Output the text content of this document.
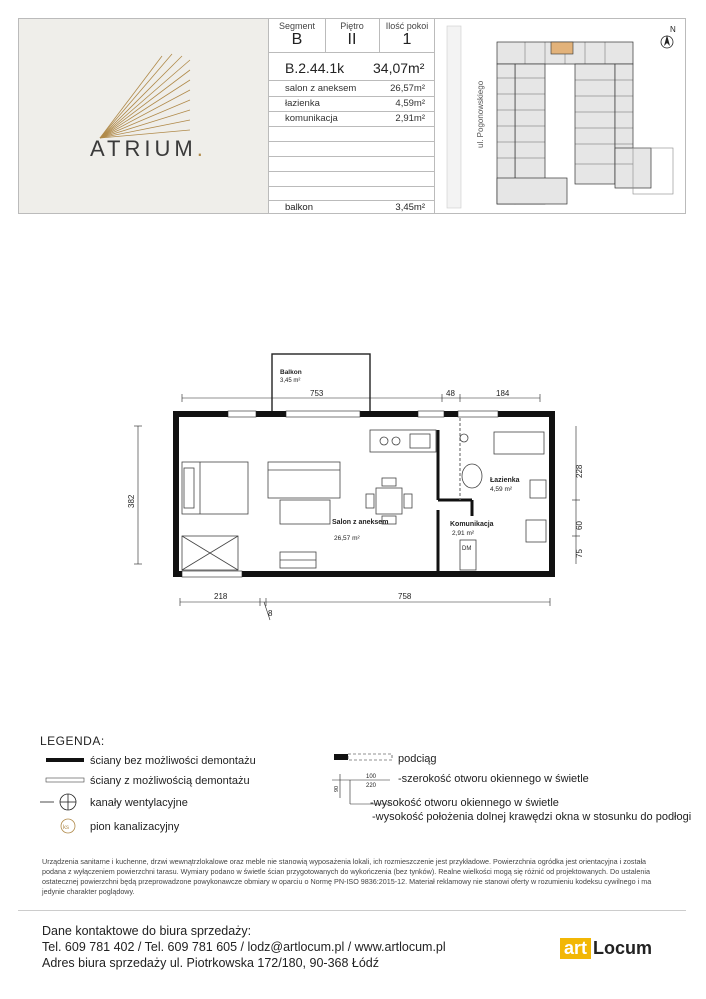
ATRIUM.
Segment
B
Piętro
II
Ilość pokoi
1
B.2.44.1k 34,07m²
salon z aneksem	26,57m²
łazienka	4,59m²
komunikacja	2,91m²
balkon	3,45m²
ul. Pogonowskiego
N
Balkon
3,45 m²
753	48	184
Łazienka
4,59 m²
Salon z aneksem
26,57 m²
Komunikacja
2,91 m²
DM
382
228
60
75
218	758
8
LEGENDA:
ks
ściany bez możliwości demontażu
ściany z możliwością demontażu
kanały wentylacyjne
pion kanalizacyjny
100
220
90
podciąg
-szerokość otworu okiennego w świetle
-wysokość otworu okiennego w świetle
-wysokość położenia dolnej krawędzi okna w stosunku do podłogi
Urządzenia sanitarne i kuchenne, drzwi wewnątrzlokalowe oraz meble nie stanowią wyposażenia lokali, ich rozmieszczenie jest przykładowe. Powierzchnia ogródka jest orientacyjna i została podana z wyłączeniem powierzchni tarasu. Wymiary podano w świetle ścian przygotowanych do wykończenia (bez tynków). Realne wielkości mogą się różnić od projektowanych. Do ustalenia ostatecznej powierzchni będą przeprowadzone powykonawcze obmiary w oparciu o Normę PN-ISO 9836:2015-12. Materiał reklamowy nie stanowi oferty w rozumieniu kodeksu cywilnego i ma jedynie charakter poglądowy.
Dane kontaktowe do biura sprzedaży:
Tel. 609 781 402 / Tel. 609 781 605 / lodz@artlocum.pl / www.artlocum.pl
Adres biura sprzedaży ul. Piotrkowska 172/180, 90-368 Łódź
art Locum
